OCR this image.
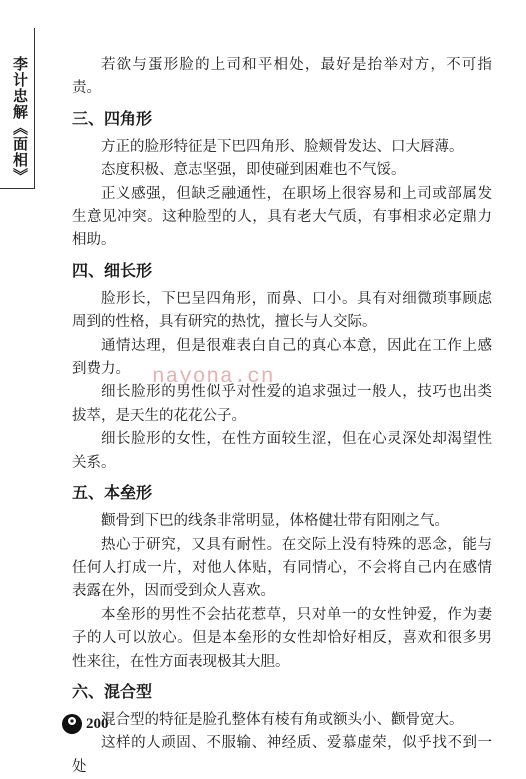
李计忠解《面相》	若欲与蛋形脸的上司和平相处，最好是抬举对方，不可指责。

三、四角形

方正的脸形特征是下巴四角形、脸颊骨发达、口大唇薄。

态度积极、意志坚强，即使碰到困难也不气馁。

正义感强，但缺乏融通性，在职场上很容易和上司或部属发生意见冲突。这种脸型的人，具有老大气质，有事相求必定鼎力相助。

四、细长形

脸形长，下巴呈四角形，而鼻、口小。具有对细微琐事顾虑周到的性格，具有研究的热忱，擅长与人交际。

通情达理，但是很难表白自己的真心本意，因此在工作上感到费力。

细长脸形的男性似乎对性爱的追求强过一般人，技巧也出类拔萃，是天生的花花公子。

细长脸形的女性，在性方面较生涩，但在心灵深处却渴望性关系。

五、本垒形

颧骨到下巴的线条非常明显，体格健壮带有阳刚之气。

热心于研究，又具有耐性。在交际上没有特殊的恶念，能与任何人打成一片，对他人体贴，有同情心，不会将自己内在感情表露在外，因而受到众人喜欢。

本垒形的男性不会拈花惹草，只对单一的女性钟爱，作为妻子的人可以放心。但是本垒形的女性却恰好相反，喜欢和很多男性来往，在性方面表现极其大胆。

六、混合型

混合型的特征是脸孔整体有棱有角或额头小、颧骨宽大。

这样的人顽固、不服输、神经质、爱慕虚荣，似乎找不到一处

nayona.cn
200
